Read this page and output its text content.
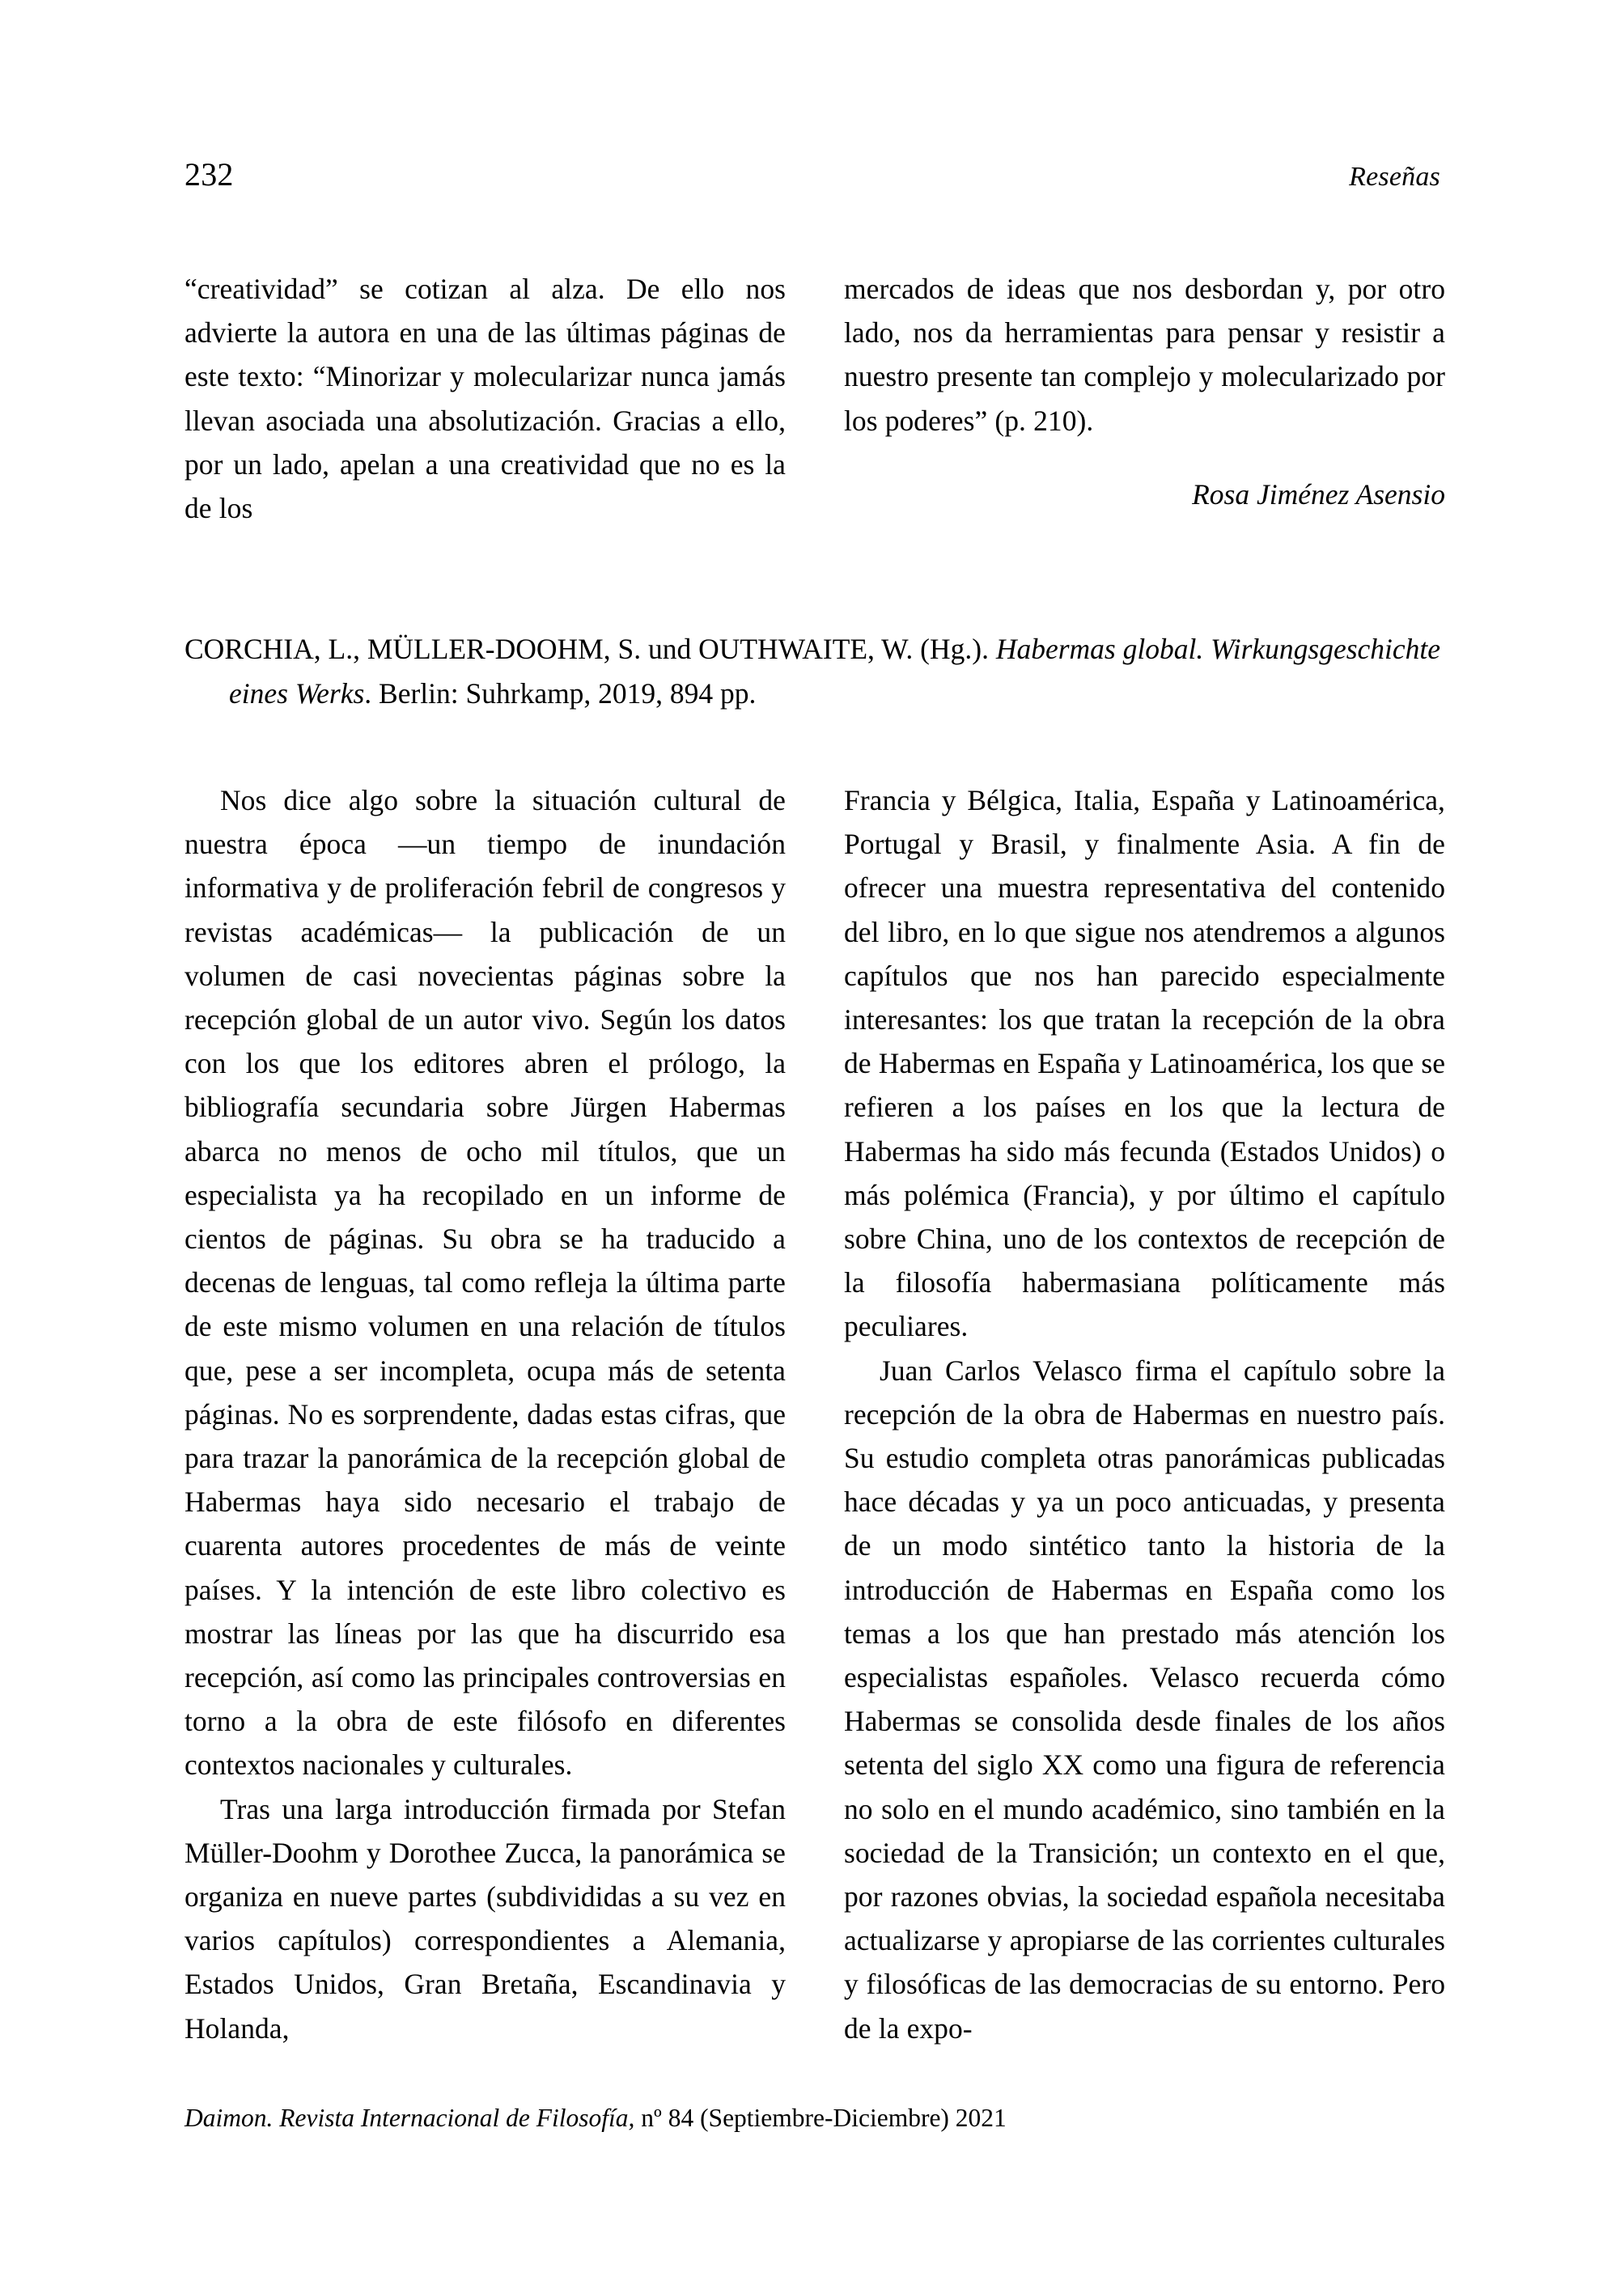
232	Reseñas

“creatividad” se cotizan al alza. De ello nos advierte la autora en una de las últimas páginas de este texto: “Minorizar y molecularizar nunca jamás llevan asociada una absolutización. Gracias a ello, por un lado, apelan a una creatividad que no es la de los

mercados de ideas que nos desbordan y, por otro lado, nos da herramientas para pensar y resistir a nuestro presente tan complejo y molecularizado por los poderes” (p. 210).

Rosa Jiménez Asensio
CORCHIA, L., MÜLLER-DOOHM, S. und OUTHWAITE, W. (Hg.). Habermas global. Wirkungsgeschichte eines Werks. Berlin: Suhrkamp, 2019, 894 pp.

Nos dice algo sobre la situación cultural de nuestra época —un tiempo de inundación informativa y de proliferación febril de congresos y revistas académicas— la publicación de un volumen de casi novecientas páginas sobre la recepción global de un autor vivo. Según los datos con los que los editores abren el prólogo, la bibliografía secundaria sobre Jürgen Habermas abarca no menos de ocho mil títulos, que un especialista ya ha recopilado en un informe de cientos de páginas. Su obra se ha traducido a decenas de lenguas, tal como refleja la última parte de este mismo volumen en una relación de títulos que, pese a ser incompleta, ocupa más de setenta páginas. No es sorprendente, dadas estas cifras, que para trazar la panorámica de la recepción global de Habermas haya sido necesario el trabajo de cuarenta autores procedentes de más de veinte países. Y la intención de este libro colectivo es mostrar las líneas por las que ha discurrido esa recepción, así como las principales controversias en torno a la obra de este filósofo en diferentes contextos nacionales y culturales.

Tras una larga introducción firmada por Stefan Müller-Doohm y Dorothee Zucca, la panorámica se organiza en nueve partes (subdivididas a su vez en varios capítulos) correspondientes a Alemania, Estados Unidos, Gran Bretaña, Escandinavia y Holanda,

Francia y Bélgica, Italia, España y Latinoamérica, Portugal y Brasil, y finalmente Asia. A fin de ofrecer una muestra representativa del contenido del libro, en lo que sigue nos atendremos a algunos capítulos que nos han parecido especialmente interesantes: los que tratan la recepción de la obra de Habermas en España y Latinoamérica, los que se refieren a los países en los que la lectura de Habermas ha sido más fecunda (Estados Unidos) o más polémica (Francia), y por último el capítulo sobre China, uno de los contextos de recepción de la filosofía habermasiana políticamente más peculiares.

Juan Carlos Velasco firma el capítulo sobre la recepción de la obra de Habermas en nuestro país. Su estudio completa otras panorámicas publicadas hace décadas y ya un poco anticuadas, y presenta de un modo sintético tanto la historia de la introducción de Habermas en España como los temas a los que han prestado más atención los especialistas españoles. Velasco recuerda cómo Habermas se consolida desde finales de los años setenta del siglo XX como una figura de referencia no solo en el mundo académico, sino también en la sociedad de la Transición; un contexto en el que, por razones obvias, la sociedad española necesitaba actualizarse y apropiarse de las corrientes culturales y filosóficas de las democracias de su entorno. Pero de la expo-

Daimon. Revista Internacional de Filosofía, nº 84 (Septiembre-Diciembre) 2021
